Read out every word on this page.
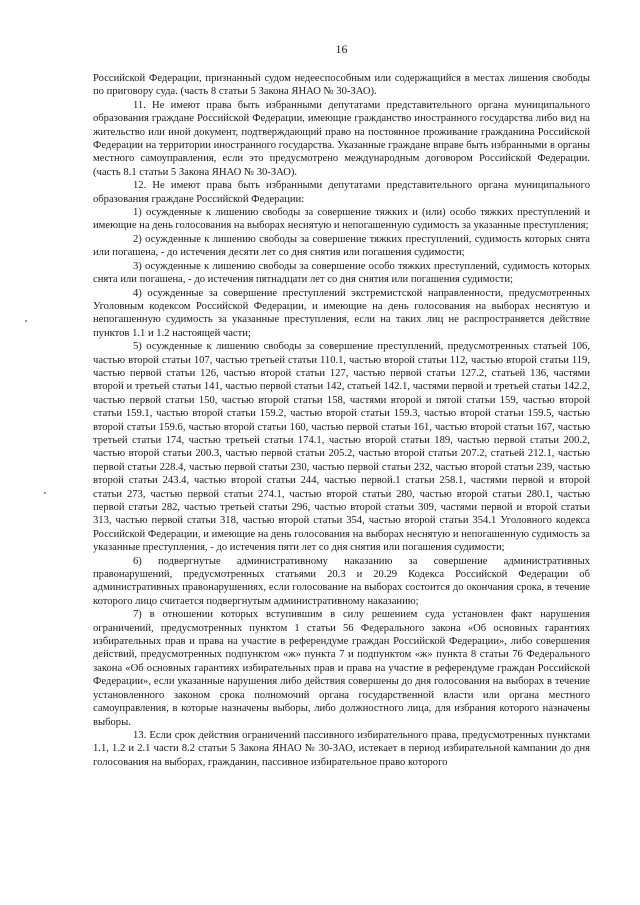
16

Российской Федерации, признанный судом недееспособным или содержащийся в местах лишения свободы по приговору суда. (часть 8 статьи 5 Закона ЯНАО № 30-ЗАО).

11. Не имеют права быть избранными депутатами представительного органа муниципального образования граждане Российской Федерации, имеющие гражданство иностранного государства либо вид на жительство или иной документ, подтверждающий право на постоянное проживание гражданина Российской Федерации на территории иностранного государства. Указанные граждане вправе быть избранными в органы местного самоуправления, если это предусмотрено международным договором Российской Федерации. (часть 8.1 статьи 5 Закона ЯНАО № 30-ЗАО).

12. Не имеют права быть избранными депутатами представительного органа муниципального образования граждане Российской Федерации:

1) осужденные к лишению свободы за совершение тяжких и (или) особо тяжких преступлений и имеющие на день голосования на выборах неснятую и непогашенную судимость за указанные преступления;

2) осужденные к лишению свободы за совершение тяжких преступлений, судимость которых снята или погашена, - до истечения десяти лет со дня снятия или погашения судимости;

3) осужденные к лишению свободы за совершение особо тяжких преступлений, судимость которых снята или погашена, - до истечения пятнадцати лет со дня снятия или погашения судимости;

4) осужденные за совершение преступлений экстремистской направленности, предусмотренных Уголовным кодексом Российской Федерации, и имеющие на день голосования на выборах неснятую и непогашенную судимость за указанные преступления, если на таких лиц не распространяется действие пунктов 1.1 и 1.2 настоящей части;

5) осужденные к лишению свободы за совершение преступлений, предусмотренных статьей 106, частью второй статьи 107, частью третьей статьи 110.1, частью второй статьи 112, частью второй статьи 119, частью первой статьи 126, частью второй статьи 127, частью первой статьи 127.2, статьей 136, частями второй и третьей статьи 141, частью первой статьи 142, статьей 142.1, частями первой и третьей статьи 142.2, частью первой статьи 150, частью второй статьи 158, частями второй и пятой статьи 159, частью второй статьи 159.1, частью второй статьи 159.2, частью второй статьи 159.3, частью второй статьи 159.5, частью второй статьи 159.6, частью второй статьи 160, частью первой статьи 161, частью второй статьи 167, частью третьей статьи 174, частью третьей статьи 174.1, частью второй статьи 189, частью первой статьи 200.2, частью второй статьи 200.3, частью первой статьи 205.2, частью второй статьи 207.2, статьей 212.1, частью первой статьи 228.4, частью первой статьи 230, частью первой статьи 232, частью второй статьи 239, частью второй статьи 243.4, частью второй статьи 244, частью первой.1 статьи 258.1, частями первой и второй статьи 273, частью первой статьи 274.1, частью второй статьи 280, частью второй статьи 280.1, частью первой статьи 282, частью третьей статьи 296, частью второй статьи 309, частями первой и второй статьи 313, частью первой статьи 318, частью второй статьи 354, частью второй статьи 354.1 Уголовного кодекса Российской Федерации, и имеющие на день голосования на выборах неснятую и непогашенную судимость за указанные преступления, - до истечения пяти лет со дня снятия или погашения судимости;

6) подвергнутые административному наказанию за совершение административных правонарушений, предусмотренных статьями 20.3 и 20.29 Кодекса Российской Федерации об административных правонарушениях, если голосование на выборах состоится до окончания срока, в течение которого лицо считается подвергнутым административному наказанию;

7) в отношении которых вступившим в силу решением суда установлен факт нарушения ограничений, предусмотренных пунктом 1 статьи 56 Федерального закона «Об основных гарантиях избирательных прав и права на участие в референдуме граждан Российской Федерации», либо совершения действий, предусмотренных подпунктом «ж» пункта 7 и подпунктом «ж» пункта 8 статьи 76 Федерального закона «Об основных гарантиях избирательных прав и права на участие в референдуме граждан Российской Федерации», если указанные нарушения либо действия совершены до дня голосования на выборах в течение установленного законом срока полномочий органа государственной власти или органа местного самоуправления, в которые назначены выборы, либо должностного лица, для избрания которого назначены выборы.

13. Если срок действия ограничений пассивного избирательного права, предусмотренных пунктами 1.1, 1.2 и 2.1 части 8.2 статьи 5 Закона ЯНАО № 30-ЗАО, истекает в период избирательной кампании до дня голосования на выборах, гражданин, пассивное избирательное право которого
